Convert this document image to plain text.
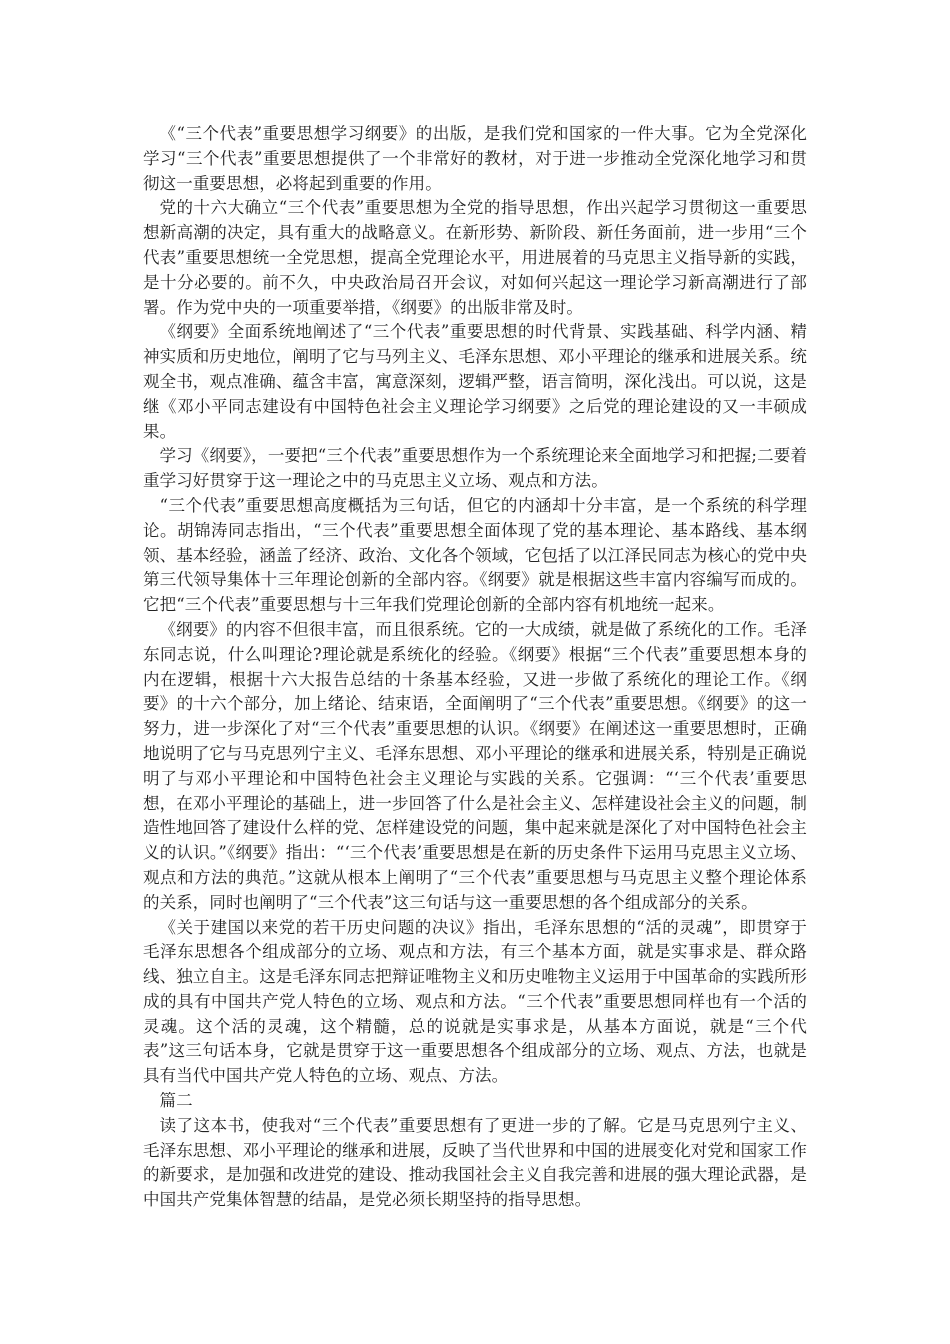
《“三个代表”重要思想学习纲要》的出版，是我们党和国家的一件大事。它为全党深化学习“三个代表”重要思想提供了一个非常好的教材，对于进一步推动全党深化地学习和贯彻这一重要思想，必将起到重要的作用。

党的十六大确立“三个代表”重要思想为全党的指导思想，作出兴起学习贯彻这一重要思想新高潮的决定，具有重大的战略意义。在新形势、新阶段、新任务面前，进一步用“三个代表”重要思想统一全党思想，提高全党理论水平，用进展着的马克思主义指导新的实践，是十分必要的。前不久，中央政治局召开会议，对如何兴起这一理论学习新高潮进行了部署。作为党中央的一项重要举措，《纲要》的出版非常及时。

《纲要》全面系统地阐述了“三个代表”重要思想的时代背景、实践基础、科学内涵、精神实质和历史地位，阐明了它与马列主义、毛泽东思想、邓小平理论的继承和进展关系。统观全书，观点准确、蕴含丰富，寓意深刻，逻辑严整，语言简明，深化浅出。可以说，这是继《邓小平同志建设有中国特色社会主义理论学习纲要》之后党的理论建设的又一丰硕成果。

学习《纲要》，一要把“三个代表”重要思想作为一个系统理论来全面地学习和把握;二要着重学习好贯穿于这一理论之中的马克思主义立场、观点和方法。

“三个代表”重要思想高度概括为三句话，但它的内涵却十分丰富，是一个系统的科学理论。胡锦涛同志指出，“三个代表”重要思想全面体现了党的基本理论、基本路线、基本纲领、基本经验，涵盖了经济、政治、文化各个领域，它包括了以江泽民同志为核心的党中央第三代领导集体十三年理论创新的全部内容。《纲要》就是根据这些丰富内容编写而成的。它把“三个代表”重要思想与十三年我们党理论创新的全部内容有机地统一起来。

《纲要》的内容不但很丰富，而且很系统。它的一大成绩，就是做了系统化的工作。毛泽东同志说，什么叫理论?理论就是系统化的经验。《纲要》根据“三个代表”重要思想本身的内在逻辑，根据十六大报告总结的十条基本经验，又进一步做了系统化的理论工作。《纲要》的十六个部分，加上绪论、结束语，全面阐明了“三个代表”重要思想。《纲要》的这一努力，进一步深化了对“三个代表”重要思想的认识。《纲要》在阐述这一重要思想时，正确地说明了它与马克思列宁主义、毛泽东思想、邓小平理论的继承和进展关系，特别是正确说明了与邓小平理论和中国特色社会主义理论与实践的关系。它强调：“‘三个代表’重要思想，在邓小平理论的基础上，进一步回答了什么是社会主义、怎样建设社会主义的问题，制造性地回答了建设什么样的党、怎样建设党的问题，集中起来就是深化了对中国特色社会主义的认识。”《纲要》指出：“‘三个代表’重要思想是在新的历史条件下运用马克思主义立场、观点和方法的典范。”这就从根本上阐明了“三个代表”重要思想与马克思主义整个理论体系的关系，同时也阐明了“三个代表”这三句话与这一重要思想的各个组成部分的关系。

《关于建国以来党的若干历史问题的决议》指出，毛泽东思想的“活的灵魂”，即贯穿于毛泽东思想各个组成部分的立场、观点和方法，有三个基本方面，就是实事求是、群众路线、独立自主。这是毛泽东同志把辩证唯物主义和历史唯物主义运用于中国革命的实践所形成的具有中国共产党人特色的立场、观点和方法。“三个代表”重要思想同样也有一个活的灵魂。这个活的灵魂，这个精髓，总的说就是实事求是，从基本方面说，就是“三个代表”这三句话本身，它就是贯穿于这一重要思想各个组成部分的立场、观点、方法，也就是具有当代中国共产党人特色的立场、观点、方法。

篇二

读了这本书，使我对“三个代表”重要思想有了更进一步的了解。它是马克思列宁主义、毛泽东思想、邓小平理论的继承和进展，反映了当代世界和中国的进展变化对党和国家工作的新要求，是加强和改进党的建设、推动我国社会主义自我完善和进展的强大理论武器，是中国共产党集体智慧的结晶，是党必须长期坚持的指导思想。
